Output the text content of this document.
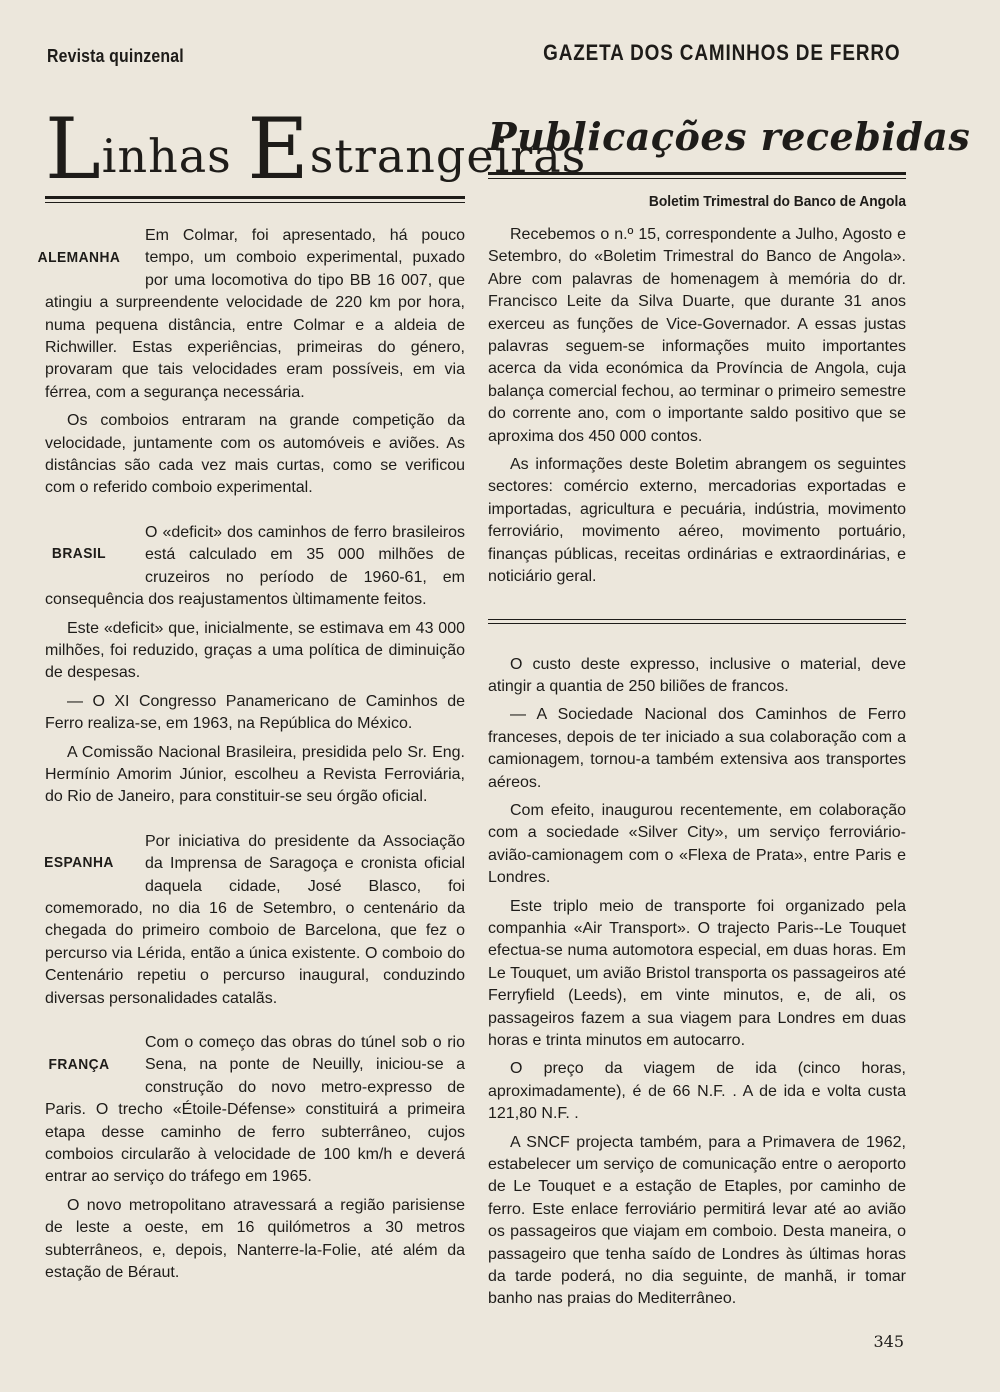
Revista quinzenal	GAZETA DOS CAMINHOS DE FERRO
Linhas Estrangeiras
ALEMANHA

Em Colmar, foi apresentado, há pouco tempo, um comboio experimental, puxado por uma locomotiva do tipo BB 16 007, que atingiu a surpreendente velocidade de 220 km por hora, numa pequena distância, entre Colmar e a aldeia de Richwiller. Estas experiências, primeiras do género, provaram que tais velocidades eram possíveis, em via férrea, com a segurança necessária.

Os comboios entraram na grande competição da velocidade, juntamente com os automóveis e aviões. As distâncias são cada vez mais curtas, como se verificou com o referido comboio experimental.

BRASIL

O «deficit» dos caminhos de ferro brasileiros está calculado em 35 000 milhões de cruzeiros no período de 1960-61, em consequência dos reajustamentos ùltimamente feitos.

Este «deficit» que, inicialmente, se estimava em 43 000 milhões, foi reduzido, graças a uma política de diminuição de despesas.

— O XI Congresso Panamericano de Caminhos de Ferro realiza-se, em 1963, na República do México.

A Comissão Nacional Brasileira, presidida pelo Sr. Eng. Hermínio Amorim Júnior, escolheu a Revista Ferroviária, do Rio de Janeiro, para constituir-se seu órgão oficial.

ESPANHA

Por iniciativa do presidente da Associação da Imprensa de Saragoça e cronista oficial daquela cidade, José Blasco, foi comemorado, no dia 16 de Setembro, o centenário da chegada do primeiro comboio de Barcelona, que fez o percurso via Lérida, então a única existente. O comboio do Centenário repetiu o percurso inaugural, conduzindo diversas personalidades catalãs.

FRANÇA

Com o começo das obras do túnel sob o rio Sena, na ponte de Neuilly, iniciou-se a construção do novo metro-expresso de Paris. O trecho «Étoile-Défense» constituirá a primeira etapa desse caminho de ferro subterrâneo, cujos comboios circularão à velocidade de 100 km/h e deverá entrar ao serviço do tráfego em 1965.

O novo metropolitano atravessará a região parisiense de leste a oeste, em 16 quilómetros a 30 metros subterrâneos, e, depois, Nanterre-la-Folie, até além da estação de Béraut.

Publicações recebidas
Boletim Trimestral do Banco de Angola

Recebemos o n.º 15, correspondente a Julho, Agosto e Setembro, do «Boletim Trimestral do Banco de Angola». Abre com palavras de homenagem à memória do dr. Francisco Leite da Silva Duarte, que durante 31 anos exerceu as funções de Vice-Governador. A essas justas palavras seguem-se informações muito importantes acerca da vida económica da Província de Angola, cuja balança comercial fechou, ao terminar o primeiro semestre do corrente ano, com o importante saldo positivo que se aproxima dos 450 000 contos.

As informações deste Boletim abrangem os seguintes sectores: comércio externo, mercadorias exportadas e importadas, agricultura e pecuária, indústria, movimento ferroviário, movimento aéreo, movimento portuário, finanças públicas, receitas ordinárias e extraordinárias, e noticiário geral.

O custo deste expresso, inclusive o material, deve atingir a quantia de 250 biliões de francos.

— A Sociedade Nacional dos Caminhos de Ferro franceses, depois de ter iniciado a sua colaboração com a camionagem, tornou-a também extensiva aos transportes aéreos.

Com efeito, inaugurou recentemente, em colaboração com a sociedade «Silver City», um serviço ferroviário-avião-camionagem com o «Flexa de Prata», entre Paris e Londres.

Este triplo meio de transporte foi organizado pela companhia «Air Transport». O trajecto Paris--Le Touquet efectua-se numa automotora especial, em duas horas. Em Le Touquet, um avião Bristol transporta os passageiros até Ferryfield (Leeds), em vinte minutos, e, de ali, os passageiros fazem a sua viagem para Londres em duas horas e trinta minutos em autocarro.

O preço da viagem de ida (cinco horas, aproximadamente), é de 66 N.F. . A de ida e volta custa 121,80 N.F. .

A SNCF projecta também, para a Primavera de 1962, estabelecer um serviço de comunicação entre o aeroporto de Le Touquet e a estação de Etaples, por caminho de ferro. Este enlace ferroviário permitirá levar até ao avião os passageiros que viajam em comboio. Desta maneira, o passageiro que tenha saído de Londres às últimas horas da tarde poderá, no dia seguinte, de manhã, ir tomar banho nas praias do Mediterrâneo.

345
